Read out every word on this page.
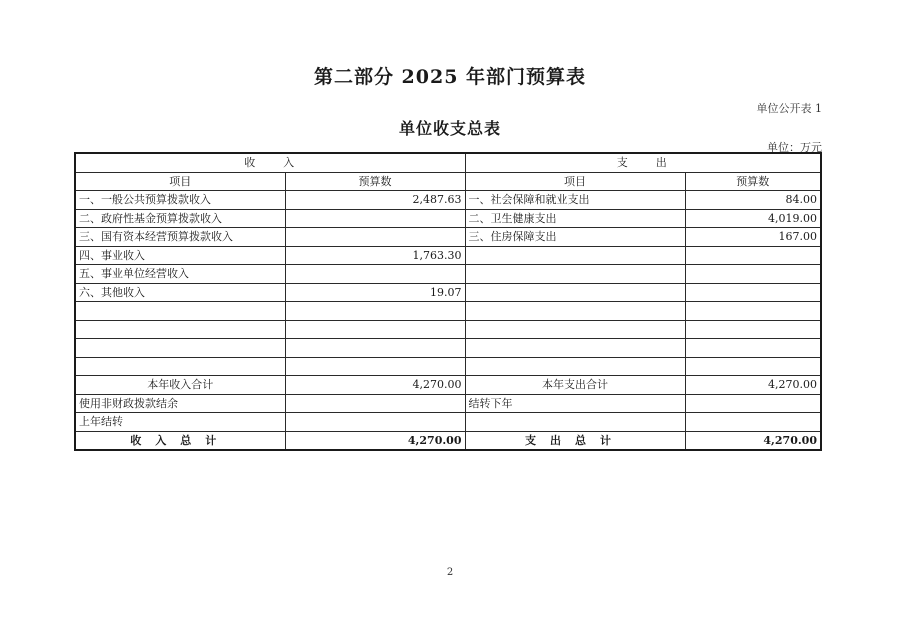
第二部分 2025 年部门预算表
单位公开表 1
单位收支总表
单位：万元
收　　入		支　　出	
项目	预算数	项目	预算数
一、一般公共预算拨款收入	2,487.63	一、社会保障和就业支出	84.00
二、政府性基金预算拨款收入		二、卫生健康支出	4,019.00
三、国有资本经营预算拨款收入		三、住房保障支出	167.00
四、事业收入	1,763.30		
五、事业单位经营收入			
六、其他收入	19.07		

本年收入合计	4,270.00	本年支出合计	4,270.00
使用非财政拨款结余		结转下年	
上年结转			
收入总计	4,270.00	支出总计	4,270.00
2
